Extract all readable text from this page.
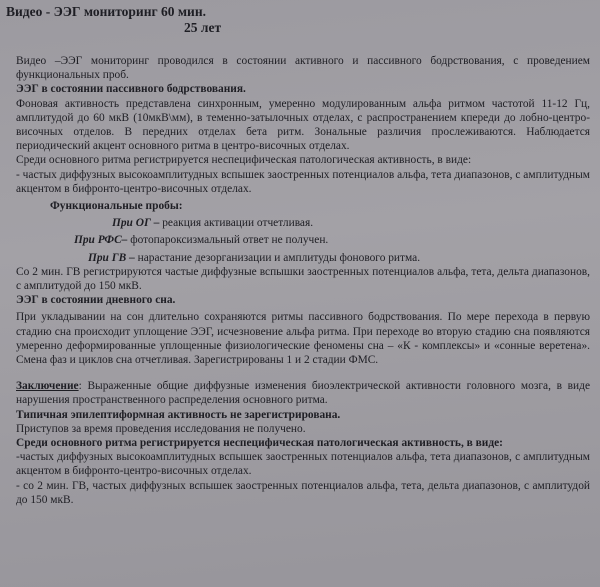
Видео - ЭЭГ мониторинг 60 мин.
25 лет

Видео –ЭЭГ мониторинг проводился в состоянии активного и пассивного бодрствования, с проведением функциональных проб.

ЭЭГ в состоянии пассивного бодрствования.

Фоновая активность представлена синхронным, умеренно модулированным альфа ритмом частотой 11-12 Гц, амплитудой до 60 мкВ (10мкВ\мм), в теменно-затылочных отделах, с распространением кпереди до лобно-центро-височных отделов. В передних отделах бета ритм. Зональные различия прослеживаются. Наблюдается периодический акцент основного ритма в центро-височных отделах.

Среди основного ритма регистрируется неспецифическая патологическая активность, в виде:

- частых диффузных высокоамплитудных вспышек заостренных потенциалов альфа, тета диапазонов, с амплитудным акцентом в бифронто-центро-височных отделах.

Функциональные пробы:

При ОГ – реакция активации отчетливая.

При РФС– фотопароксизмальный ответ не получен.

При ГВ – нарастание дезорганизации и амплитуды фонового ритма.

Со 2 мин. ГВ регистрируются частые диффузные вспышки заостренных потенциалов альфа, тета, дельта диапазонов, с амплитудой до 150 мкВ.

ЭЭГ в состоянии дневного сна.

При укладывании на сон длительно сохраняются ритмы пассивного бодрствования. По мере перехода в первую стадию сна происходит уплощение ЭЭГ, исчезновение альфа ритма. При переходе во вторую стадию сна появляются умеренно деформированные уплощенные физиологические феномены сна – «К - комплексы» и «сонные веретена». Смена фаз и циклов сна отчетливая. Зарегистрированы 1 и 2 стадии ФМС.

Заключение: Выраженные общие диффузные изменения биоэлектрической активности головного мозга, в виде нарушения пространственного распределения основного ритма.

Типичная эпилептиформная активность не зарегистрирована.

Приступов за время проведения исследования не получено.

Среди основного ритма регистрируется неспецифическая патологическая активность, в виде:

-частых диффузных высокоамплитудных вспышек заостренных потенциалов альфа, тета диапазонов, с амплитудным акцентом в бифронто-центро-височных отделах.

- со 2 мин. ГВ, частых диффузных вспышек заостренных потенциалов альфа, тета, дельта диапазонов, с амплитудой до 150 мкВ.
